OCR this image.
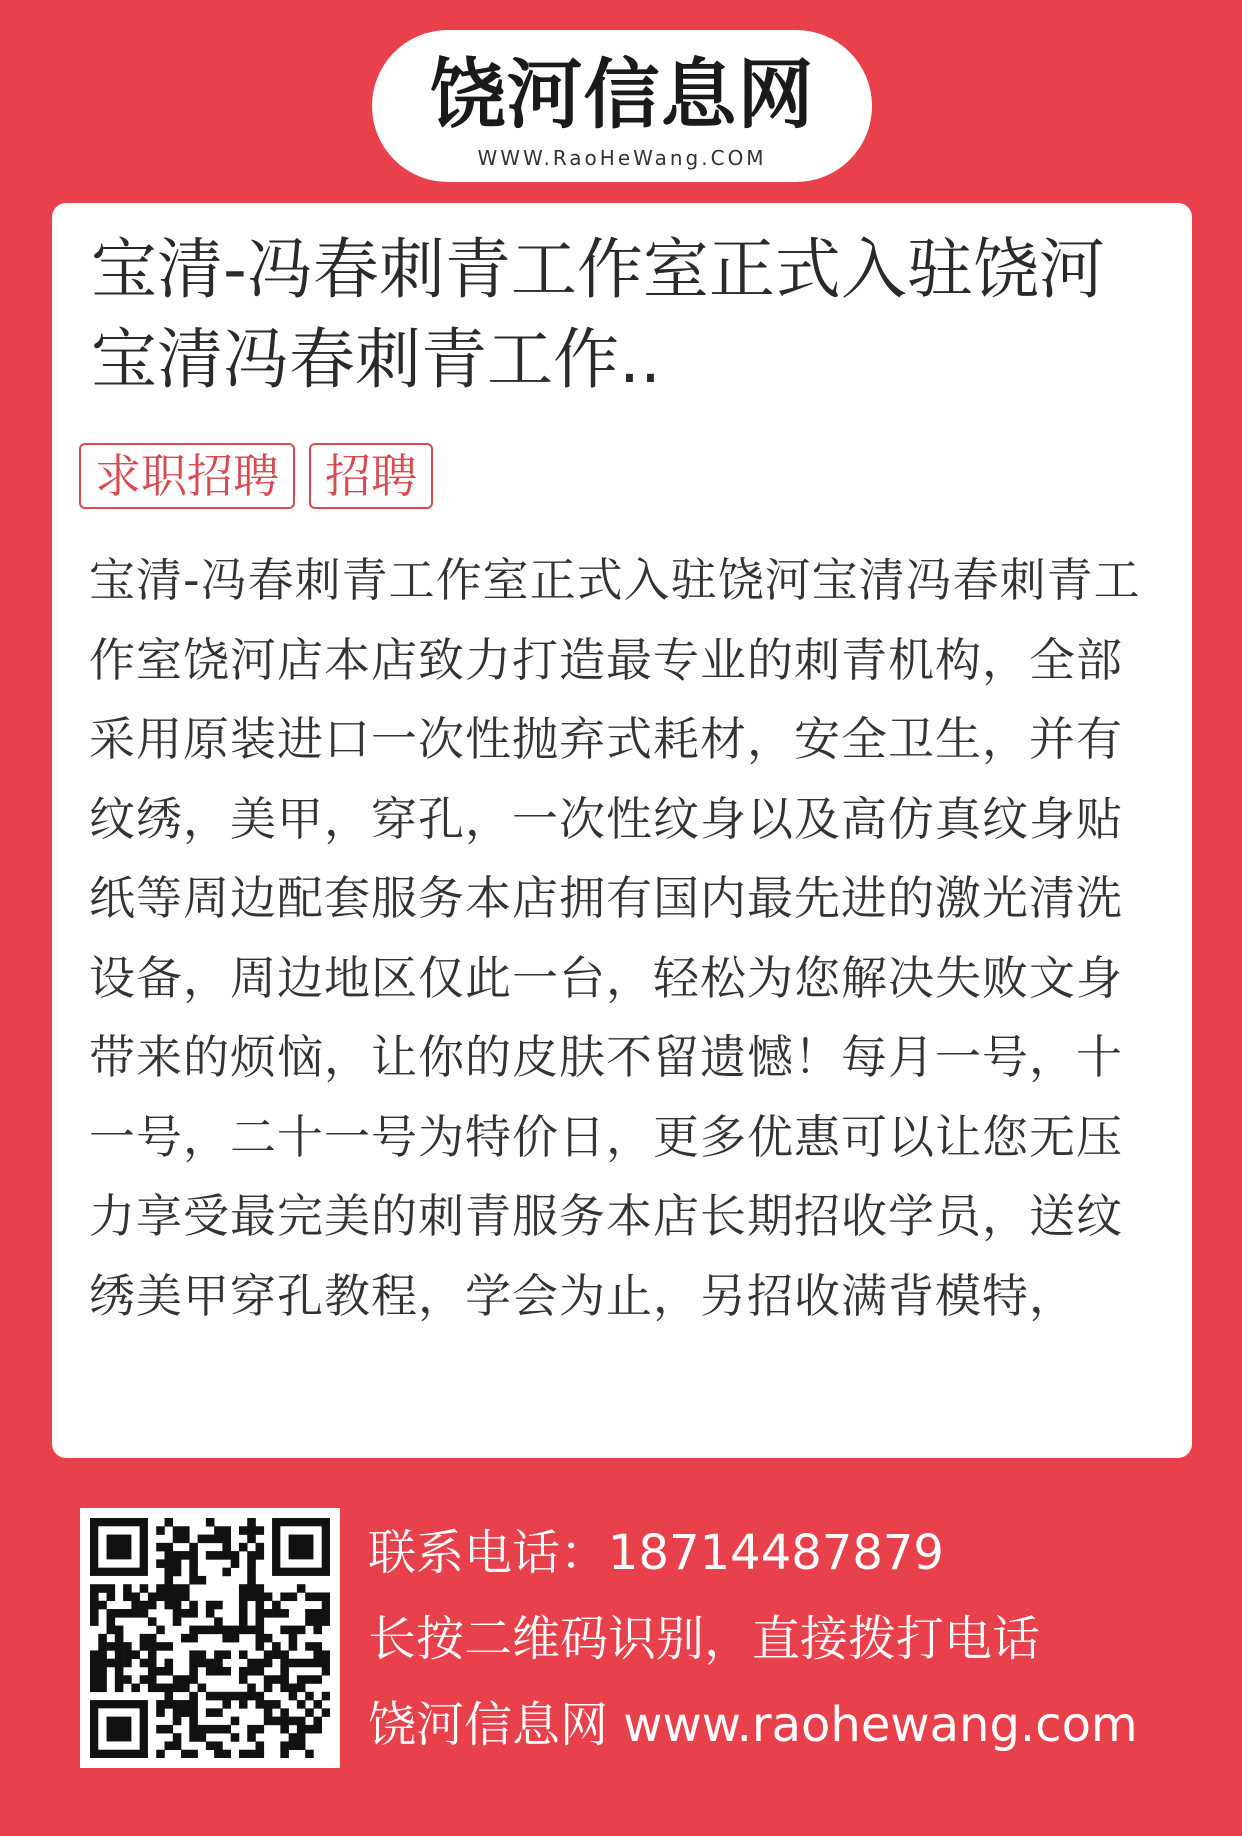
饶河信息网
WWW.RaoHeWang.COM
宝清-冯春刺青工作室正式入驻饶河宝清冯春刺青工作..
求职招聘	招聘
宝清-冯春刺青工作室正式入驻饶河宝清冯春刺青工作室饶河店本店致力打造最专业的刺青机构，全部采用原装进口一次性抛弃式耗材，安全卫生，并有纹绣，美甲，穿孔，一次性纹身以及高仿真纹身贴纸等周边配套服务本店拥有国内最先进的激光清洗设备，周边地区仅此一台，轻松为您解决失败文身带来的烦恼，让你的皮肤不留遗憾！每月一号，十一号，二十一号为特价日，更多优惠可以让您无压力享受最完美的刺青服务本店长期招收学员，送纹绣美甲穿孔教程，学会为止，另招收满背模特，
联系电话：18714487879
长按二维码识别，直接拨打电话
饶河信息网 www.raohewang.com
